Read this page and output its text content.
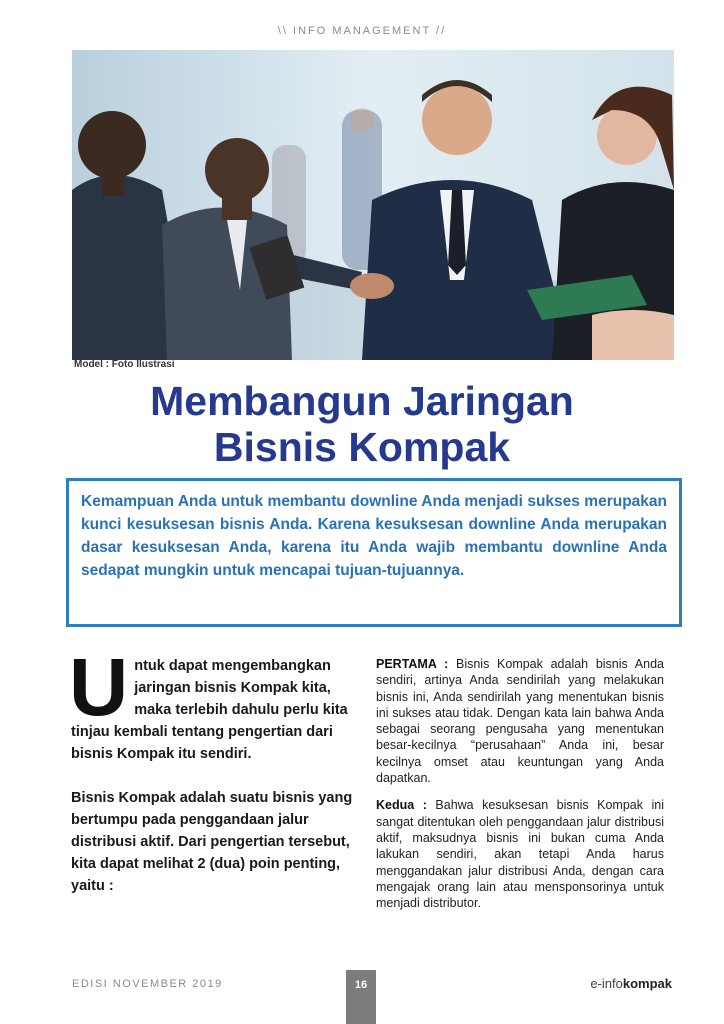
\\ INFO MANAGEMENT //
Model : Foto Ilustrasi
Membangun Jaringan
Bisnis Kompak

Kemampuan Anda untuk membantu downline Anda menjadi sukses merupakan kunci kesuksesan bisnis Anda. Karena kesuksesan downline Anda merupakan dasar kesuksesan Anda, karena itu Anda wajib membantu downline Anda sedapat mungkin untuk mencapai tujuan-tujuannya.

U ntuk dapat mengembangkan jaringan bisnis Kompak kita, maka terlebih dahulu perlu kita tinjau kembali tentang pengertian dari bisnis Kompak itu sendiri.

Bisnis Kompak adalah suatu bisnis yang bertumpu pada penggandaan jalur distribusi aktif. Dari pengertian tersebut, kita dapat melihat 2 (dua) poin penting, yaitu :

PERTAMA : Bisnis Kompak adalah bisnis Anda sendiri, artinya Anda sendirilah yang melakukan bisnis ini, Anda sendirilah yang menentukan bisnis ini sukses atau tidak. Dengan kata lain bahwa Anda sebagai seorang pengusaha yang menentukan besar-kecilnya “perusahaan” Anda ini, besar kecilnya omset atau keuntungan yang Anda dapatkan.

Kedua : Bahwa kesuksesan bisnis Kompak ini sangat ditentukan oleh penggandaan jalur distribusi aktif, maksudnya bisnis ini bukan cuma Anda lakukan sendiri, akan tetapi Anda harus menggandakan jalur distribusi Anda, dengan cara mengajak orang lain atau mensponsorinya untuk menjadi distributor.

EDISI NOVEMBER 2019	16	e-infokompak
